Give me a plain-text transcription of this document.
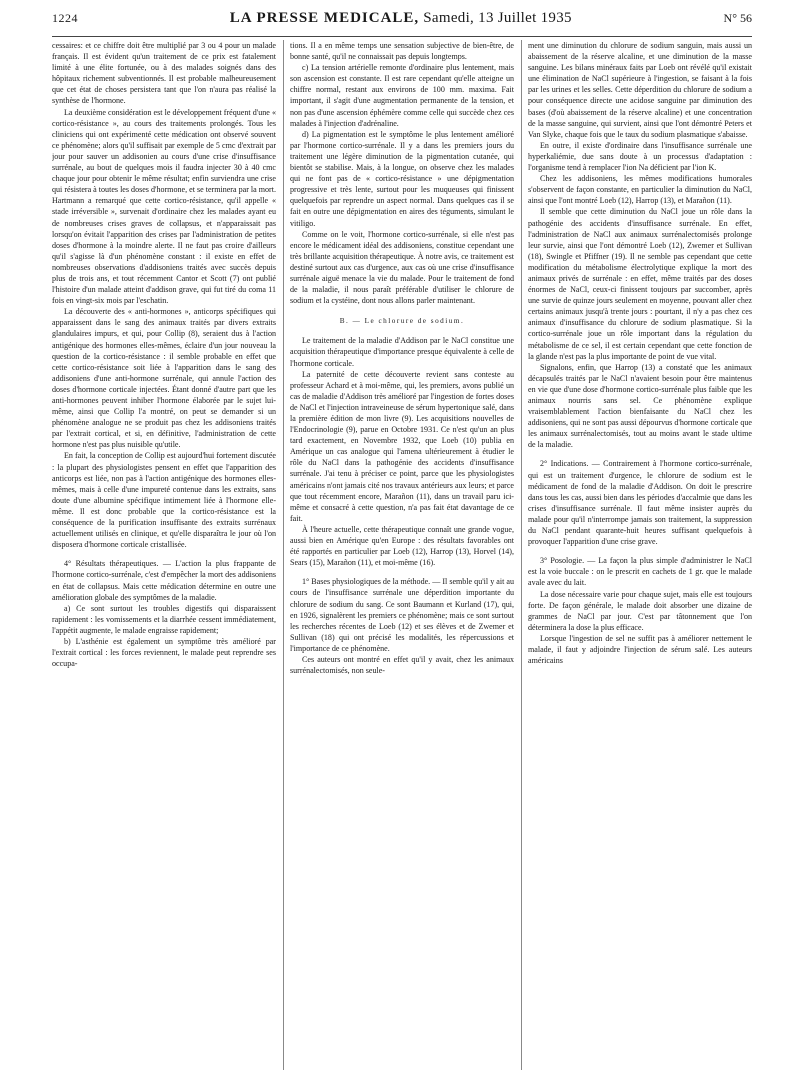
1224	LA PRESSE MEDICALE, Samedi, 13 Juillet 1935	N° 56

cessaires: et ce chiffre doit être multiplié par 3 ou 4 pour un malade français. Il est évident qu'un traitement de ce prix est fatalement limité à une élite fortunée, ou à des malades soignés dans des hôpitaux richement subventionnés. Il est probable malheureusement que cet état de choses persistera tant que l'on n'aura pas réalisé la synthèse de l'hormone.

La deuxième considération est le développement fréquent d'une « cortico-résistance », au cours des traitements prolongés. Tous les cliniciens qui ont expérimenté cette médication ont observé souvent ce phénomène; alors qu'il suffisait par exemple de 5 cmc d'extrait par jour pour sauver un addisonien au cours d'une crise d'insuffisance surrénale, au bout de quelques mois il faudra injecter 30 à 40 cmc chaque jour pour obtenir le même résultat; enfin surviendra une crise qui résistera à toutes les doses d'hormone, et se terminera par la mort. Hartmann a remarqué que cette cortico-résistance, qu'il appelle « stade irréversible », survenait d'ordinaire chez les malades ayant eu de nombreuses crises graves de collapsus, et n'apparaissait pas lorsqu'on évitait l'apparition des crises par l'administration de petites doses d'hormone à la moindre alerte. Il ne faut pas croire d'ailleurs qu'il s'agisse là d'un phénomène constant : il existe en effet de nombreuses observations d'addisoniens traités avec succès depuis plus de trois ans, et tout récemment Cantor et Scott (7) ont publié l'histoire d'un malade atteint d'addison grave, qui fut tiré du coma 11 fois en vingt-six mois par l'eschatin.

La découverte des « anti-hormones », anticorps spécifiques qui apparaissent dans le sang des animaux traités par divers extraits glandulaires impurs, et qui, pour Collip (8), seraient dus à l'action antigénique des hormones elles-mêmes, éclaire d'un jour nouveau la question de la cortico-résistance : il semble probable en effet que cette cortico-résistance soit liée à l'apparition dans le sang des addisoniens d'une anti-hormone surrénale, qui annule l'action des doses d'hormone corticale injectées. Étant donné d'autre part que les anti-hormones peuvent inhiber l'hormone élaborée par le sujet lui-même, ainsi que Collip l'a montré, on peut se demander si un phénomène analogue ne se produit pas chez les addisoniens traités par l'extrait cortical, et si, en définitive, l'administration de cette hormone n'est pas plus nuisible qu'utile.

En fait, la conception de Collip est aujourd'hui fortement discutée : la plupart des physiologistes pensent en effet que l'apparition des anticorps est liée, non pas à l'action antigénique des hormones elles-mêmes, mais à celle d'une impureté contenue dans les extraits, sans doute d'une albumine spécifique intimement liée à l'hormone elle-même. Il est donc probable que la cortico-résistance est la conséquence de la purification insuffisante des extraits surrénaux actuellement utilisés en clinique, et qu'elle disparaîtra le jour où l'on disposera d'hormone corticale cristallisée.

4° Résultats thérapeutiques. — L'action la plus frappante de l'hormone cortico-surrénale, c'est d'empêcher la mort des addisoniens en état de collapsus. Mais cette médication détermine en outre une amélioration globale des symptômes de la maladie.

a) Ce sont surtout les troubles digestifs qui disparaissent rapidement : les vomissements et la diarrhée cessent immédiatement, l'appétit augmente, le malade engraisse rapidement;

b) L'asthénie est également un symptôme très amélioré par l'extrait cortical : les forces reviennent, le malade peut reprendre ses occupa-

tions. Il a en même temps une sensation subjective de bien-être, de bonne santé, qu'il ne connaissait pas depuis longtemps.

c) La tension artérielle remonte d'ordinaire plus lentement, mais son ascension est constante. Il est rare cependant qu'elle atteigne un chiffre normal, restant aux environs de 100 mm. maxima. Fait important, il s'agit d'une augmentation permanente de la tension, et non pas d'une ascension éphémère comme celle qui succède chez ces malades à l'injection d'adrénaline.

d) La pigmentation est le symptôme le plus lentement amélioré par l'hormone cortico-surrénale. Il y a dans les premiers jours du traitement une légère diminution de la pigmentation cutanée, qui bientôt se stabilise. Mais, à la longue, on observe chez les malades qui ne font pas de « cortico-résistance » une dépigmentation progressive et très lente, surtout pour les muqueuses qui finissent quelquefois par reprendre un aspect normal. Dans quelques cas il se fait en outre une dépigmentation en aires des téguments, simulant le vitiligo.

Comme on le voit, l'hormone cortico-surrénale, si elle n'est pas encore le médicament idéal des addisoniens, constitue cependant une très brillante acquisition thérapeutique. À notre avis, ce traitement est destiné surtout aux cas d'urgence, aux cas où une crise d'insuffisance surrénale aiguë menace la vie du malade. Pour le traitement de fond de la maladie, il nous paraît préférable d'utiliser le chlorure de sodium et la cystéine, dont nous allons parler maintenant.

B. — Le chlorure de sodium.

Le traitement de la maladie d'Addison par le NaCl constitue une acquisition thérapeutique d'importance presque équivalente à celle de l'hormone corticale.

La paternité de cette découverte revient sans conteste au professeur Achard et à moi-même, qui, les premiers, avons publié un cas de maladie d'Addison très amélioré par l'ingestion de fortes doses de NaCl et l'injection intraveineuse de sérum hypertonique salé, dans la première édition de mon livre (9). Les acquisitions nouvelles de l'Endocrinologie (9), parue en Octobre 1931. Ce n'est qu'un an plus tard exactement, en Novembre 1932, que Loeb (10) publia en Amérique un cas analogue qui l'amena ultérieurement à étudier le rôle du NaCl dans la pathogénie des accidents d'insuffisance surrénale. J'ai tenu à préciser ce point, parce que les physiologistes américains n'ont jamais cité nos travaux antérieurs aux leurs; et parce que tout récemment encore, Marañon (11), dans un travail paru ici-même et consacré à cette question, n'a pas fait état davantage de ce fait.

À l'heure actuelle, cette thérapeutique connaît une grande vogue, aussi bien en Amérique qu'en Europe : des résultats favorables ont été rapportés en particulier par Loeb (12), Harrop (13), Horvel (14), Sears (15), Marañon (11), et moi-même (16).

1° Bases physiologiques de la méthode. — Il semble qu'il y ait au cours de l'insuffisance surrénale une déperdition importante du chlorure de sodium du sang. Ce sont Baumann et Kurland (17), qui, en 1926, signalèrent les premiers ce phénomène; mais ce sont surtout les recherches récentes de Loeb (12) et ses élèves et de Zwemer et Sullivan (18) qui ont précisé les modalités, les répercussions et l'importance de ce phénomène.

Ces auteurs ont montré en effet qu'il y avait, chez les animaux surrénalectomisés, non seule-

ment une diminution du chlorure de sodium sanguin, mais aussi un abaissement de la réserve alcaline, et une diminution de la masse sanguine. Les bilans minéraux faits par Loeb ont révélé qu'il existait une élimination de NaCl supérieure à l'ingestion, se faisant à la fois par les urines et les selles. Cette déperdition du chlorure de sodium a pour conséquence directe une acidose sanguine par diminution des bases (d'où abaissement de la réserve alcaline) et une concentration de la masse sanguine, qui survient, ainsi que l'ont démontré Peters et Van Slyke, chaque fois que le taux du sodium plasmatique s'abaisse.

En outre, il existe d'ordinaire dans l'insuffisance surrénale une hyperkaliémie, due sans doute à un processus d'adaptation : l'organisme tend à remplacer l'ion Na déficient par l'ion K.

Chez les addisoniens, les mêmes modifications humorales s'observent de façon constante, en particulier la diminution du NaCl, ainsi que l'ont montré Loeb (12), Harrop (13), et Marañon (11).

Il semble que cette diminution du NaCl joue un rôle dans la pathogénie des accidents d'insuffisance surrénale. En effet, l'administration de NaCl aux animaux surrénalectomisés prolonge leur survie, ainsi que l'ont démontré Loeb (12), Zwemer et Sullivan (18), Swingle et Pfiffner (19). Il ne semble pas cependant que cette modification du métabolisme électrolytique explique la mort des animaux privés de surrénale : en effet, même traités par des doses énormes de NaCl, ceux-ci finissent toujours par succomber, après une survie de quinze jours seulement en moyenne, pouvant aller chez certains animaux jusqu'à trente jours : pourtant, il n'y a pas chez ces animaux d'insuffisance du chlorure de sodium plasmatique. Si la cortico-surrénale joue un rôle important dans la régulation du métabolisme de ce sel, il est certain cependant que cette fonction de la glande n'est pas la plus importante de point de vue vital.

Signalons, enfin, que Harrop (13) a constaté que les animaux décapsulés traités par le NaCl n'avaient besoin pour être maintenus en vie que d'une dose d'hormone cortico-surrénale plus faible que les animaux nourris sans sel. Ce phénomène explique vraisemblablement l'action bienfaisante du NaCl chez les addisoniens, qui ne sont pas aussi dépourvus d'hormone corticale que les animaux surrénalectomisés, tout au moins avant le stade ultime de la maladie.

2° Indications. — Contrairement à l'hormone cortico-surrénale, qui est un traitement d'urgence, le chlorure de sodium est le médicament de fond de la maladie d'Addison. On doit le prescrire dans tous les cas, aussi bien dans les périodes d'accalmie que dans les crises d'insuffisance surrénale. Il faut même insister auprès du malade pour qu'il n'interrompe jamais son traitement, la suppression du NaCl pendant quarante-huit heures suffisant quelquefois à provoquer l'apparition d'une crise grave.

3° Posologie. — La façon la plus simple d'administrer le NaCl est la voie buccale : on le prescrit en cachets de 1 gr. que le malade avale avec du lait.

La dose nécessaire varie pour chaque sujet, mais elle est toujours forte. De façon générale, le malade doit absorber une dizaine de grammes de NaCl par jour. C'est par tâtonnement que l'on déterminera la dose la plus efficace.

Lorsque l'ingestion de sel ne suffit pas à améliorer nettement le malade, il faut y adjoindre l'injection de sérum salé. Les auteurs américains
